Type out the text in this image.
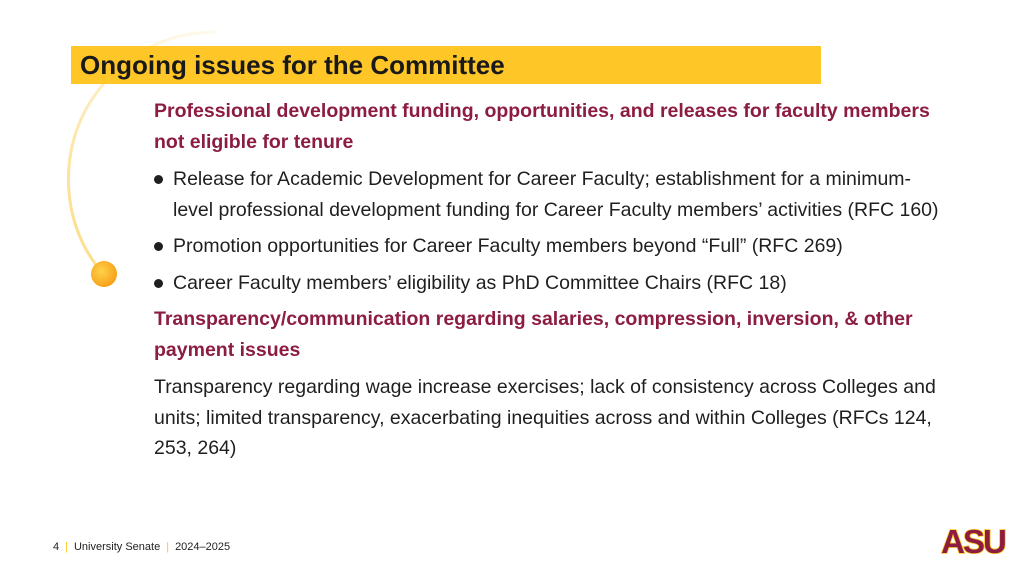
Ongoing issues for the Committee
Professional development funding, opportunities, and releases for faculty members not eligible for tenure
Release for Academic Development for Career Faculty; establishment for a minimum-level professional development funding for Career Faculty members’ activities (RFC 160)
Promotion opportunities for Career Faculty members beyond “Full” (RFC 269)
Career Faculty members’ eligibility as PhD Committee Chairs (RFC 18)
Transparency/communication regarding salaries, compression, inversion, & other payment issues

Transparency regarding wage increase exercises; lack of consistency across Colleges and units; limited transparency, exacerbating inequities across and within Colleges (RFCs 124, 253, 264)

4 | University Senate | 2024–2025	ASU
